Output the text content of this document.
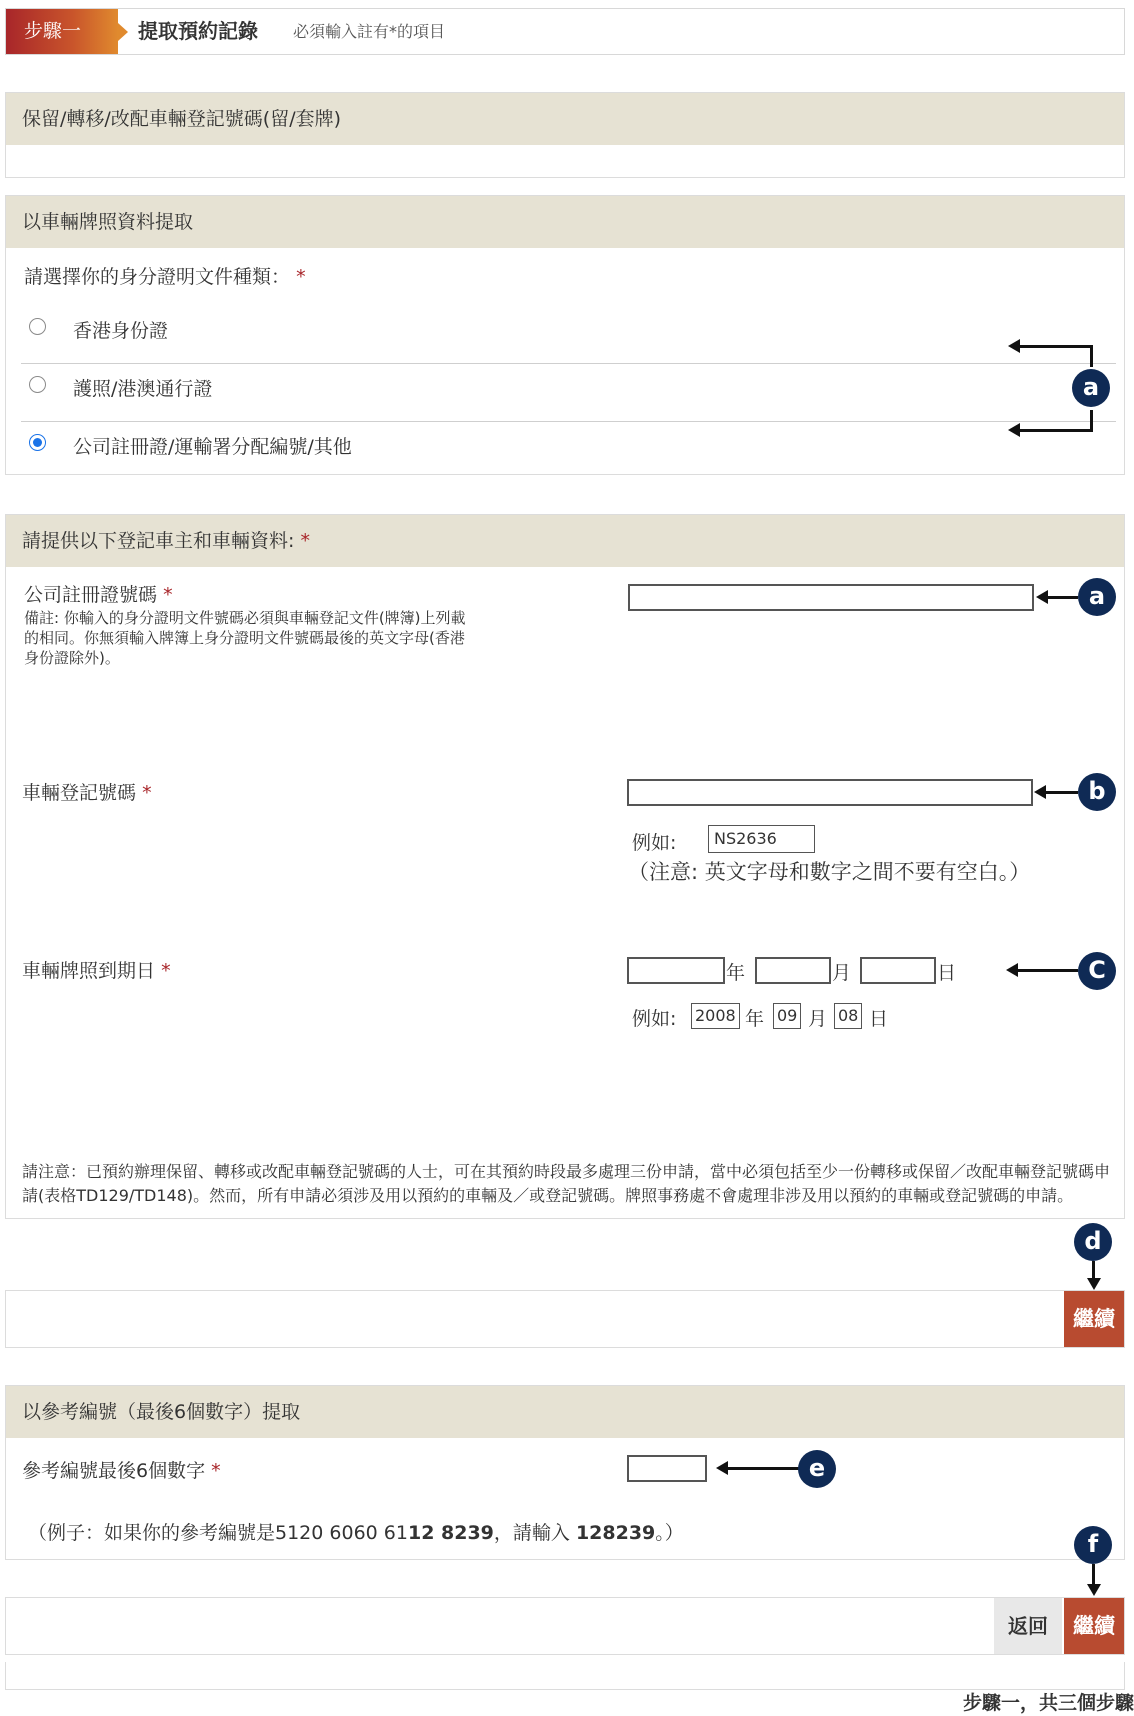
步驟一	提取預約記錄 必須輸入註有*的項目
保留/轉移/改配車輛登記號碼(留/套牌)
以車輛牌照資料提取
請選擇你的身分證明文件種類： *
香港身份證
護照/港澳通行證
公司註冊證/運輸署分配編號/其他
a
請提供以下登記車主和車輛資料: *
公司註冊證號碼 *
備註: 你輸入的身分證明文件號碼必須與車輛登記文件(牌簿)上列載的相同。你無須輸入牌簿上身分證明文件號碼最後的英文字母(香港身份證除外)。
a
車輛登記號碼 *	b
例如:	NS2636
（注意: 英文字母和數字之間不要有空白。）
車輛牌照到期日 *	年	月	日	C
例如: 2008 年 09 月 08 日
請注意：已預約辦理保留、轉移或改配車輛登記號碼的人士，可在其預約時段最多處理三份申請，當中必須包括至少一份轉移或保留／改配車輛登記號碼申請(表格TD129/TD148)。然而，所有申請必須涉及用以預約的車輛及／或登記號碼。牌照事務處不會處理非涉及用以預約的車輛或登記號碼的申請。
d
繼續
以參考編號（最後6個數字）提取
參考編號最後6個數字 *	e
（例子：如果你的參考編號是5120 6060 6112 8239，請輸入 128239。）	f
返回	繼續
步驟一，共三個步驟
